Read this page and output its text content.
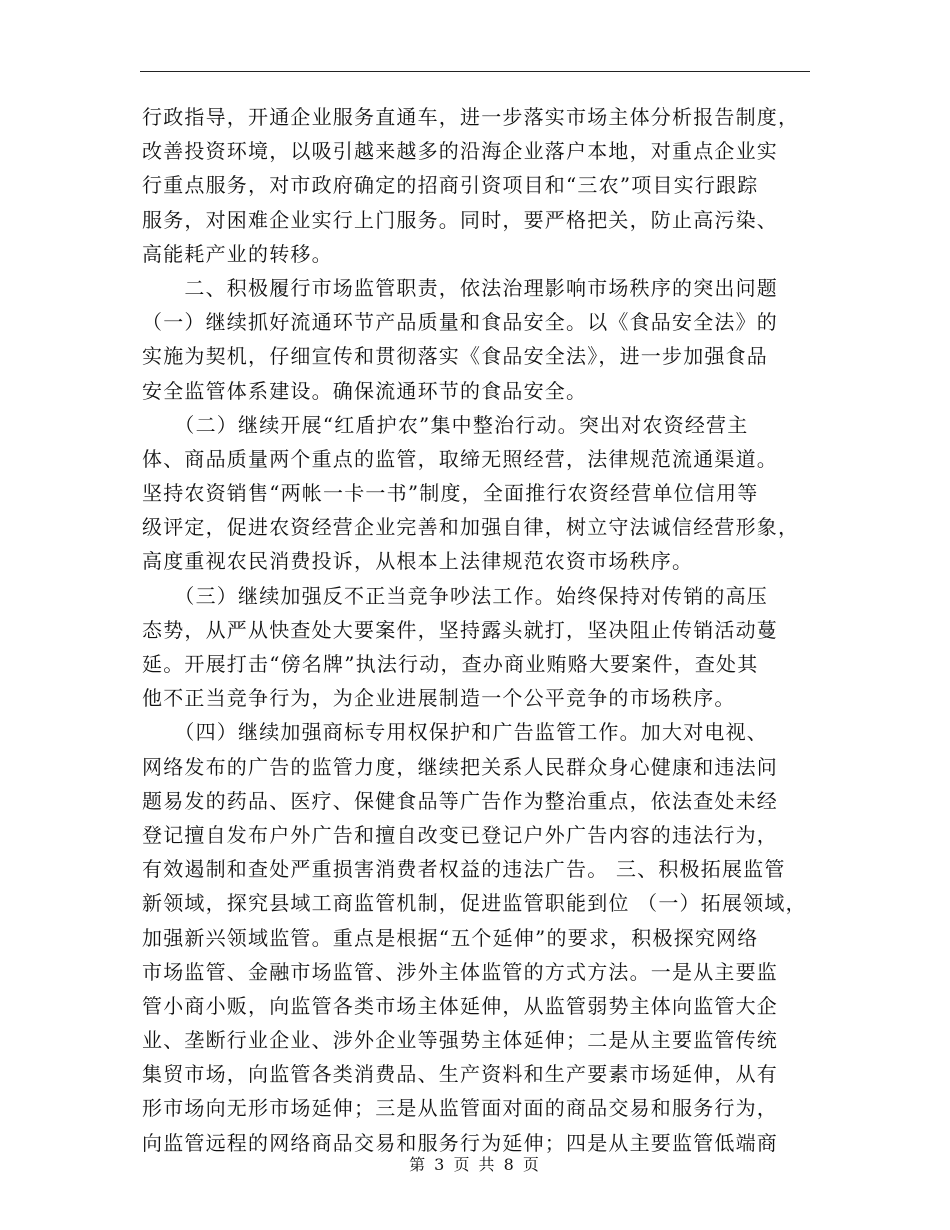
行政指导，开通企业服务直通车，进一步落实市场主体分析报告制度，
改善投资环境，以吸引越来越多的沿海企业落户本地，对重点企业实
行重点服务，对市政府确定的招商引资项目和“三农”项目实行跟踪
服务，对困难企业实行上门服务。同时，要严格把关，防止高污染、
高能耗产业的转移。
　　二、积极履行市场监管职责，依法治理影响市场秩序的突出问题
（一）继续抓好流通环节产品质量和食品安全。以《食品安全法》的
实施为契机，仔细宣传和贯彻落实《食品安全法》，进一步加强食品
安全监管体系建设。确保流通环节的食品安全。
　　（二）继续开展“红盾护农”集中整治行动。突出对农资经营主
体、商品质量两个重点的监管，取缔无照经营，法律规范流通渠道。
坚持农资销售“两帐一卡一书”制度，全面推行农资经营单位信用等
级评定，促进农资经营企业完善和加强自律，树立守法诚信经营形象，
高度重视农民消费投诉，从根本上法律规范农资市场秩序。
　　（三）继续加强反不正当竞争吵法工作。始终保持对传销的高压
态势，从严从快查处大要案件，坚持露头就打，坚决阻止传销活动蔓
延。开展打击“傍名牌”执法行动，查办商业贿赂大要案件，查处其
他不正当竞争行为，为企业进展制造一个公平竞争的市场秩序。
　　（四）继续加强商标专用权保护和广告监管工作。加大对电视、
网络发布的广告的监管力度，继续把关系人民群众身心健康和违法问
题易发的药品、医疗、保健食品等广告作为整治重点，依法查处未经
登记擅自发布户外广告和擅自改变已登记户外广告内容的违法行为，
有效遏制和查处严重损害消费者权益的违法广告。 三、积极拓展监管
新领域，探究县域工商监管机制，促进监管职能到位 （一）拓展领域，
加强新兴领域监管。重点是根据“五个延伸”的要求，积极探究网络
市场监管、金融市场监管、涉外主体监管的方式方法。一是从主要监
管小商小贩，向监管各类市场主体延伸，从监管弱势主体向监管大企
业、垄断行业企业、涉外企业等强势主体延伸；二是从主要监管传统
集贸市场，向监管各类消费品、生产资料和生产要素市场延伸，从有
形市场向无形市场延伸；三是从监管面对面的商品交易和服务行为，
向监管远程的网络商品交易和服务行为延伸；四是从主要监管低端商
第 3 页 共 8 页
